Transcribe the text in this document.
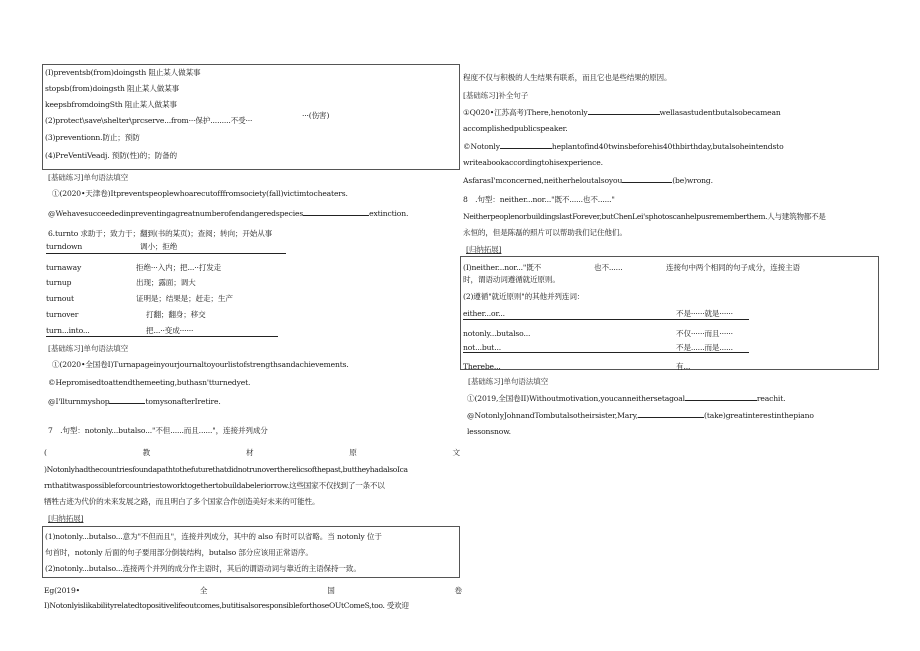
(I)preventsb(from)doingsth 阻止某人做某事
stopsb(from)doingsth 阻止某人做某事
keepsbfromdoingSth 阻止某人做某事
(2)protect\save\shelter\prcserve...from···保护.........不受···
···(伤害)
(3)preventionn.防止；预防
(4)PreVentiVeadj. 预防(性)的；防备的
[基础练习]单句语法填空
①(2020•天津卷)Itpreventspeoplewhoarecutofffromsociety(fall)victimtocheaters.
@Wehavesucceededinpreventingagreatnumberofendangeredspecies	extinction.
6.turnto 求助于；致力于；翻到(书的某页)；查阅；转向；开始从事
turndown	调小；拒绝
turnaway	拒绝···入内；把...··打发走
turnup	出现；露面；调大
turnout	证明是；结果是；赶走；生产
turnover	打翻；翻身；移交
turn...into...	把...··变成······
[基础练习]单句语法填空
①(2020•全国卷I)Turnapageinyourjournaltoyourlistofstrengthsandachievements.
©Hepromisedtoattendthemeeting,buthasn'tturnedyet.
@I'llturnmyshop	tomysonafterIretire.
7　.句型：notonly...butalso..."不但......而且......"，连接并列成分
(	教	材	原	文
)Notonlyhadthecountriesfoundapathtothefuturethatdidnotrunovertherelicsofthepast,buttheyhadalsoIca
rnthatitwaspossibleforcountriestoworktogethertobuildabeleriorrow.这些国家不仅找到了一条不以
牺牲古迹为代价的未来发展之路，而且明白了多个国家合作创造美好未来的可能性。
[归纳拓展]
(1)notonly...butalso...意为"不但而且"，连接并列成分，其中的 also 有时可以省略。当 notonly 位于
句首时，notonly 后面的句子要用部分倒装结构，butalso 部分应该用正常语序。
(2)notonly...butalso...连接两个并列的成分作主语时，其后的谓语动词与靠近的主语保持一致。
Eg(2019•	全	国	卷
I)Notonlyislikabilityrelatedtopositivelifeoutcomes,butitisalsoresponsibleforthoseOUtComeS,too. 受欢迎
程度不仅与积极的人生结果有联系，而且它也是些结果的原因。
[基础练习]补全句子
①Q020•江苏高考)There,henotonly	wellasastudentbutalsobecamean
accomplishedpublicspeaker.
©Notonly	heplantofind40twinsbeforehis40thbirthday,butalsoheintendsto
writeabookaccordingtohisexperience.
AsfarasI'mconcerned,neitherheloutalsoyou	(be)wrong.
8　.句型：neither...nor..."既不......也不......"
NeitherpeoplenorbuildingslastForever,butChenLei'sphotoscanhelpusrememberthem.人与建筑物都不是
永恒的，但是陈磊的照片可以帮助我们记住他们。
[归纳拓展]
(I)neither...nor..."既不	也不......	连接句中两个相同的句子成分，连接主语
时，谓语动词遵循就近原则。
(2)遵循"就近原则"的其他并列连词：
either...or...	不是······就是······
notonly...butalso...	不仅······而且······
not...but...	不是......而是......
Therebe...	有...
[基础练习]单句语法填空
①(2019,全国卷II)Withoutmotivation,youcanneithersetagoal	reachit.
@NotonlyJohnandTombutalsotheirsister,Mary,	(take)greatinterestinthepiano
lessonsnow.
